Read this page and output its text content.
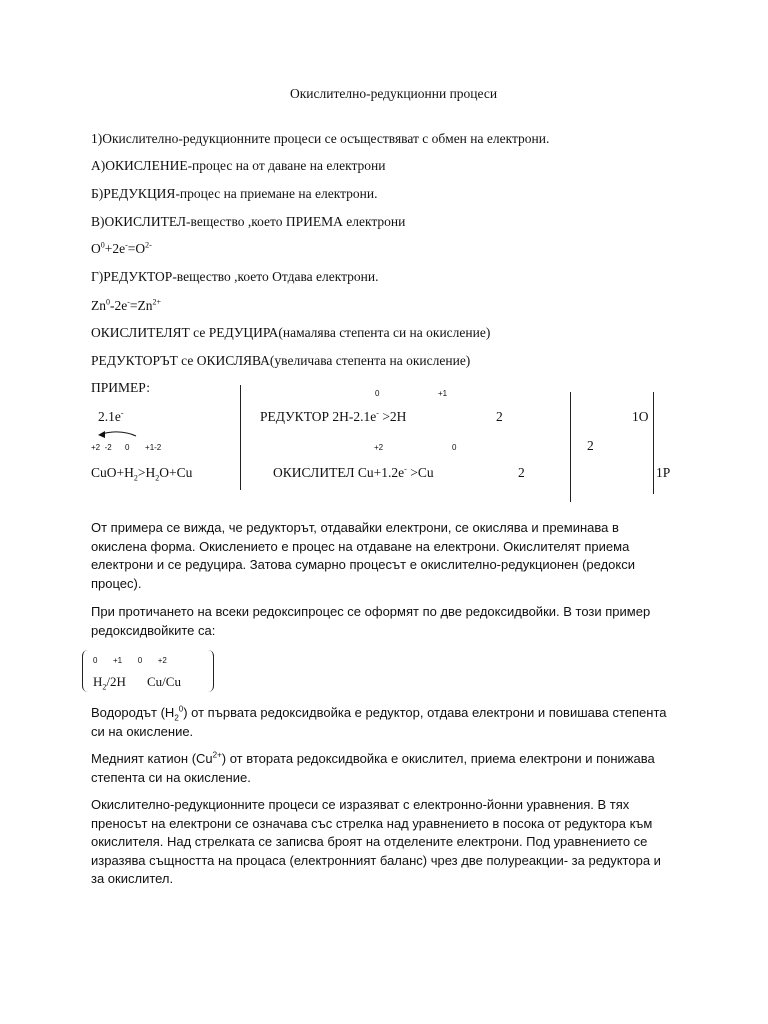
Окислително-редукционни процеси
1)Окислително-редукционните процеси се осъществяват с обмен на електрони.
А)ОКИСЛЕНИЕ-процес на от даване на електрони
Б)РЕДУКЦИЯ-процес на приемане на електрони.
В)ОКИСЛИТЕЛ-вещество ,което ПРИЕМА електрони
$O^0+2e^-=O^{2-}$
Г)РЕДУКТОР-вещество ,което Отдава електрони.
$Zn^0-2e^-=Zn^{2+}$
ОКИСЛИТЕЛЯТ се РЕДУЦИРА(намалява степента си на окисление)
РЕДУКТОРЪТ се ОКИСЛЯВА(увеличава степента на окисление)
ПРИМЕР:	0	+1
2.1e-	РЕДУКТОР 2H-2.1e- >2H	2	1O
+2  -2      0       +1-2	+2	0	2
$CuO+H_2>H_2O+Cu$	ОКИСЛИТЕЛ Cu+1.2e- >Cu	2	1P

От примера се вижда, че редукторът, отдавайки електрони, се окислява и преминава в окислена форма. Окислението е процес на отдаване на електрони. Окислителят приема електрони и се редуцира. Затова сумарно процесът е окислително-редукционен (редокси процес).

При протичането на всеки редоксипроцес се оформят по две редоксидвойки. В този пример редоксидвойките са:

0       +1       0       +2
$H_2/2H$ Cu/Cu

Водородът $(H_2^0)$ от първата редоксидвойка е редуктор, отдава електрони и повишава степента си на окисление.

Медният катион $(Cu^{2+})$ от втората редоксидвойка е окислител, приема електрони и понижава степента си на окисление.

Окислително-редукционните процеси се изразяват с електронно-йонни уравнения. В тях преносът на електрони се означава със стрелка над уравнението в посока от редуктора към окислителя. Над стрелката се записва броят на отделените електрони. Под уравнението се изразява същността на процаса (електронният баланс) чрез две полуреакции- за редуктора и за окислител.
